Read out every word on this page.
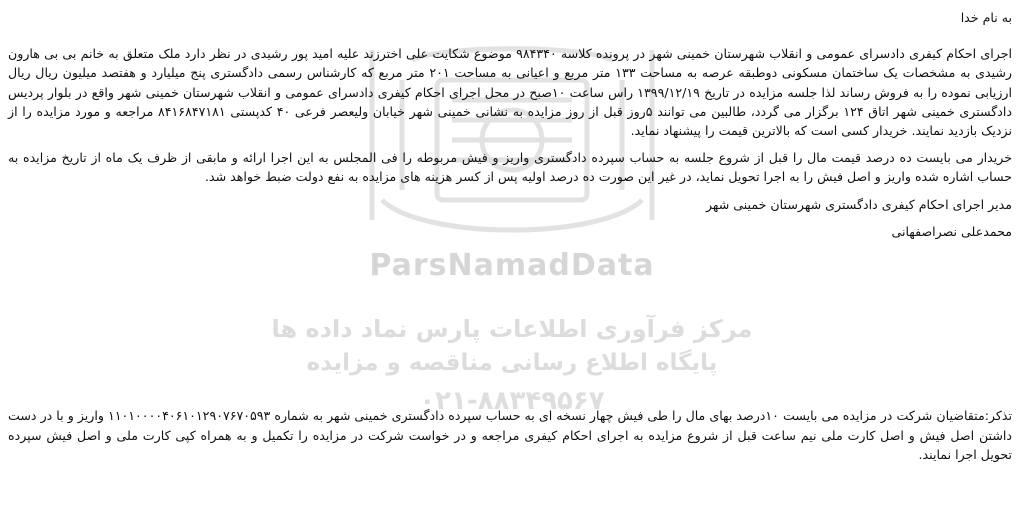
ParsNamadData
مرکز فرآوری اطلاعات پارس نماد داده ها
پایگاه اطلاع رسانی مناقصه و مزایده
۰۲۱-۸۸۳۴۹۵۶۷

به نام خدا

اجرای احکام کیفری دادسرای عمومی و انقلاب شهرستان خمینی شهر در پرونده کلاسه ۹۸۴۳۴۰ موضوع شکایت علی اخترزند علیه امید پور رشیدی در نظر دارد ملک متعلق به خانم بی بی هارون رشیدی به مشخصات یک ساختمان مسکونی دوطبقه عرصه به مساحت ۱۳۳ متر مربع و اعیانی به مساحت ۲۰۱ متر مربع که کارشناس رسمی دادگستری پنج میلیارد و هفتصد میلیون ریال ریال ارزیابی نموده را به فروش رساند لذا جلسه مزایده در تاریخ ۱۳۹۹/۱۲/۱۹ راس ساعت ۱۰صبح در محل اجرای احکام کیفری دادسرای عمومی و انقلاب شهرستان خمینی شهر واقع در بلوار پردیس دادگستری خمینی شهر اتاق ۱۲۴ برگزار می گردد، طالبین می توانند ۵روز قبل از روز مزایده به نشانی خمینی شهر خیابان ولیعصر فرعی ۴۰ کدپستی ۸۴۱۶۸۴۷۱۸۱ مراجعه و مورد مزایده را از نزدیک بازدید نمایند. خریدار کسی است که بالاترین قیمت را پیشنهاد نماید.

خریدار می بایست ده درصد قیمت مال را قبل از شروع جلسه به حساب سپرده دادگستری واریز و فیش مربوطه را فی المجلس به این اجرا ارائه و مابقی از ظرف یک ماه از تاریخ مزایده به حساب اشاره شده واریز و اصل فیش را به اجرا تحویل نماید، در غیر این صورت ده درصد اولیه پس از کسر هزینه های مزایده به نفع دولت ضبط خواهد شد.

مدیر اجرای احکام کیفری دادگستری شهرستان خمینی شهر

محمدعلی نصراصفهانی

تذکر:متقاضیان شرکت در مزایده می بایست ۱۰درصد بهای مال را طی فیش چهار نسخه ای به حساب سپرده دادگستری خمینی شهر به شماره ۱۱۰۱۰۰۰۰۴۰۶۱۰۱۲۹۰۷۶۷۰۵۹۳ واریز و با در دست داشتن اصل فیش و اصل کارت ملی نیم ساعت قبل از شروع مزایده به اجرای احکام کیفری مراجعه و در خواست شرکت در مزایده را تکمیل و به همراه کپی کارت ملی و اصل فیش سپرده تحویل اجرا نمایند.
